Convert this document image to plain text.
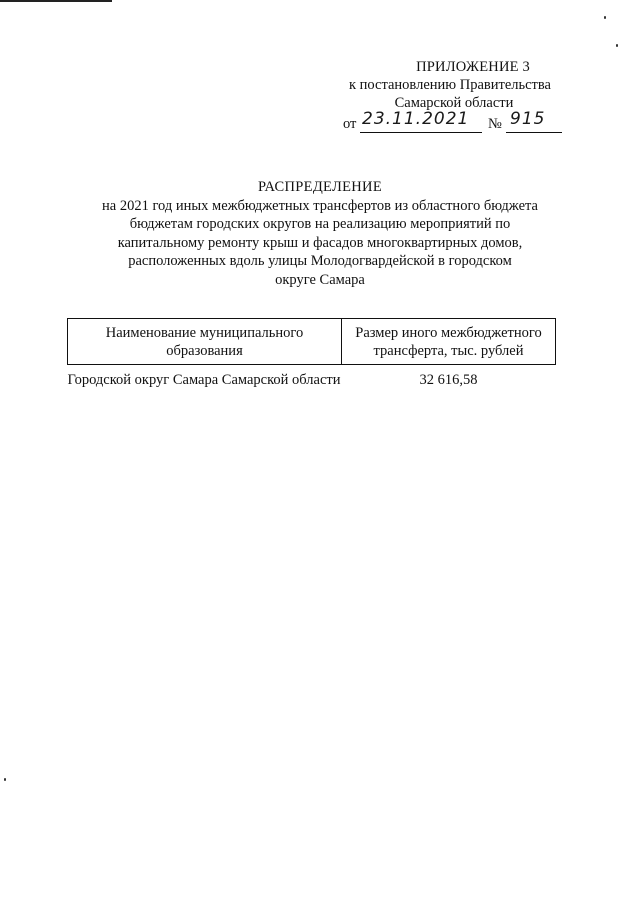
ПРИЛОЖЕНИЕ 3
к постановлению Правительства
Самарской области
от 23.11.2021	№ 915
РАСПРЕДЕЛЕНИЕ
на 2021 год иных межбюджетных трансфертов из областного бюджета
бюджетам городских округов на реализацию мероприятий по
капитальному ремонту крыш и фасадов многоквартирных домов,
расположенных вдоль улицы Молодогвардейской в городском
округе Самара
Наименование муниципального образования
Размер иного межбюджетного трансферта, тыс. рублей
Городской округ Самара Самарской области	32 616,58
